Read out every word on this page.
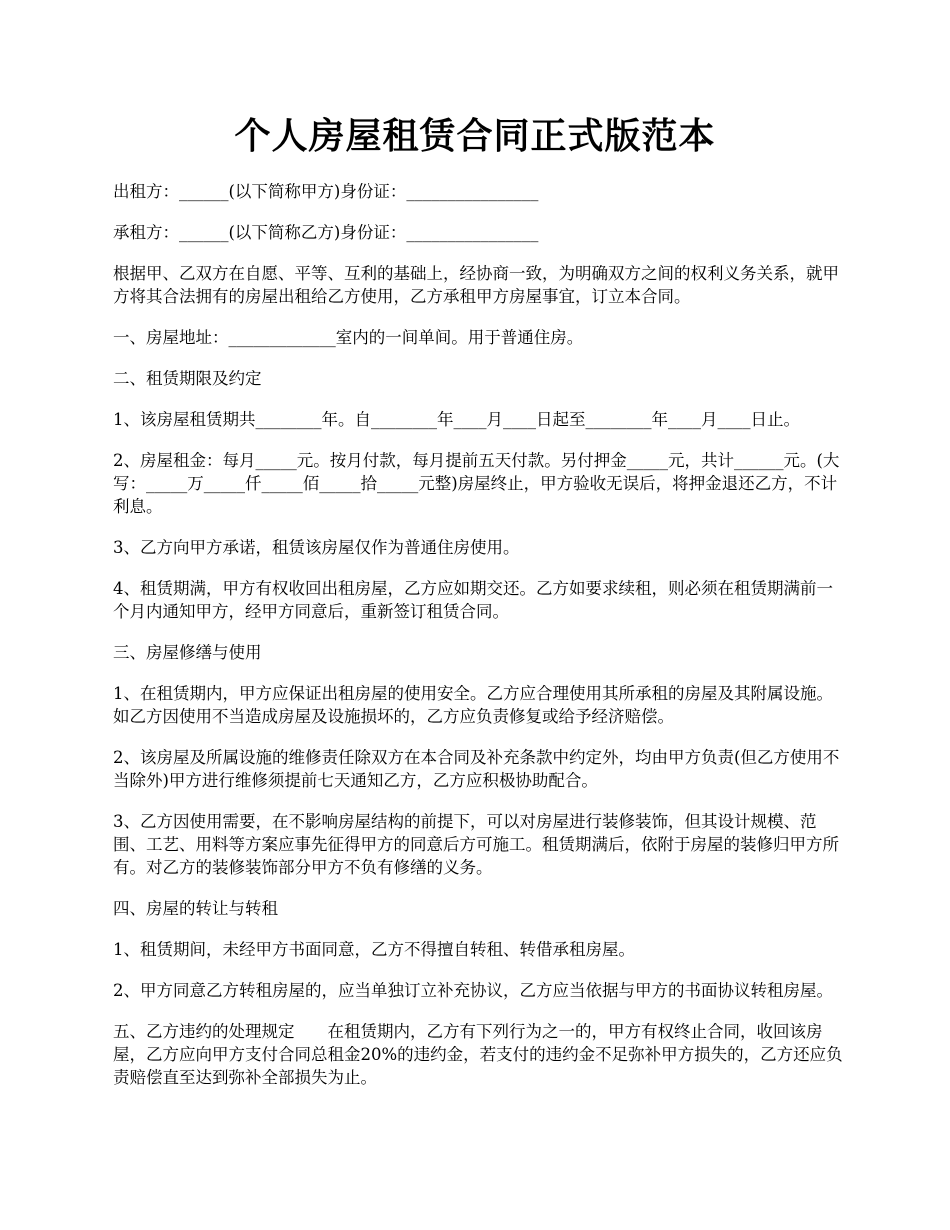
个人房屋租赁合同正式版范本

出租方：______(以下简称甲方)身份证：________________

承租方：______(以下简称乙方)身份证：________________

根据甲、乙双方在自愿、平等、互利的基础上，经协商一致，为明确双方之间的权利义务关系，就甲方将其合法拥有的房屋出租给乙方使用，乙方承租甲方房屋事宜，订立本合同。

一、房屋地址：_____________室内的一间单间。用于普通住房。

二、租赁期限及约定

1、该房屋租赁期共________年。自________年____月____日起至________年____月____日止。

2、房屋租金：每月_____元。按月付款，每月提前五天付款。另付押金_____元，共计______元。(大写：_____万_____仟_____佰_____拾_____元整)房屋终止，甲方验收无误后，将押金退还乙方，不计利息。

3、乙方向甲方承诺，租赁该房屋仅作为普通住房使用。

4、租赁期满，甲方有权收回出租房屋，乙方应如期交还。乙方如要求续租，则必须在租赁期满前一个月内通知甲方，经甲方同意后，重新签订租赁合同。

三、房屋修缮与使用

1、在租赁期内，甲方应保证出租房屋的使用安全。乙方应合理使用其所承租的房屋及其附属设施。如乙方因使用不当造成房屋及设施损坏的，乙方应负责修复或给予经济赔偿。

2、该房屋及所属设施的维修责任除双方在本合同及补充条款中约定外，均由甲方负责(但乙方使用不当除外)甲方进行维修须提前七天通知乙方，乙方应积极协助配合。

3、乙方因使用需要，在不影响房屋结构的前提下，可以对房屋进行装修装饰，但其设计规模、范围、工艺、用料等方案应事先征得甲方的同意后方可施工。租赁期满后，依附于房屋的装修归甲方所有。对乙方的装修装饰部分甲方不负有修缮的义务。

四、房屋的转让与转租

1、租赁期间，未经甲方书面同意，乙方不得擅自转租、转借承租房屋。

2、甲方同意乙方转租房屋的，应当单独订立补充协议，乙方应当依据与甲方的书面协议转租房屋。

五、乙方违约的处理规定　　在租赁期内，乙方有下列行为之一的，甲方有权终止合同，收回该房屋，乙方应向甲方支付合同总租金20%的违约金，若支付的违约金不足弥补甲方损失的，乙方还应负责赔偿直至达到弥补全部损失为止。
